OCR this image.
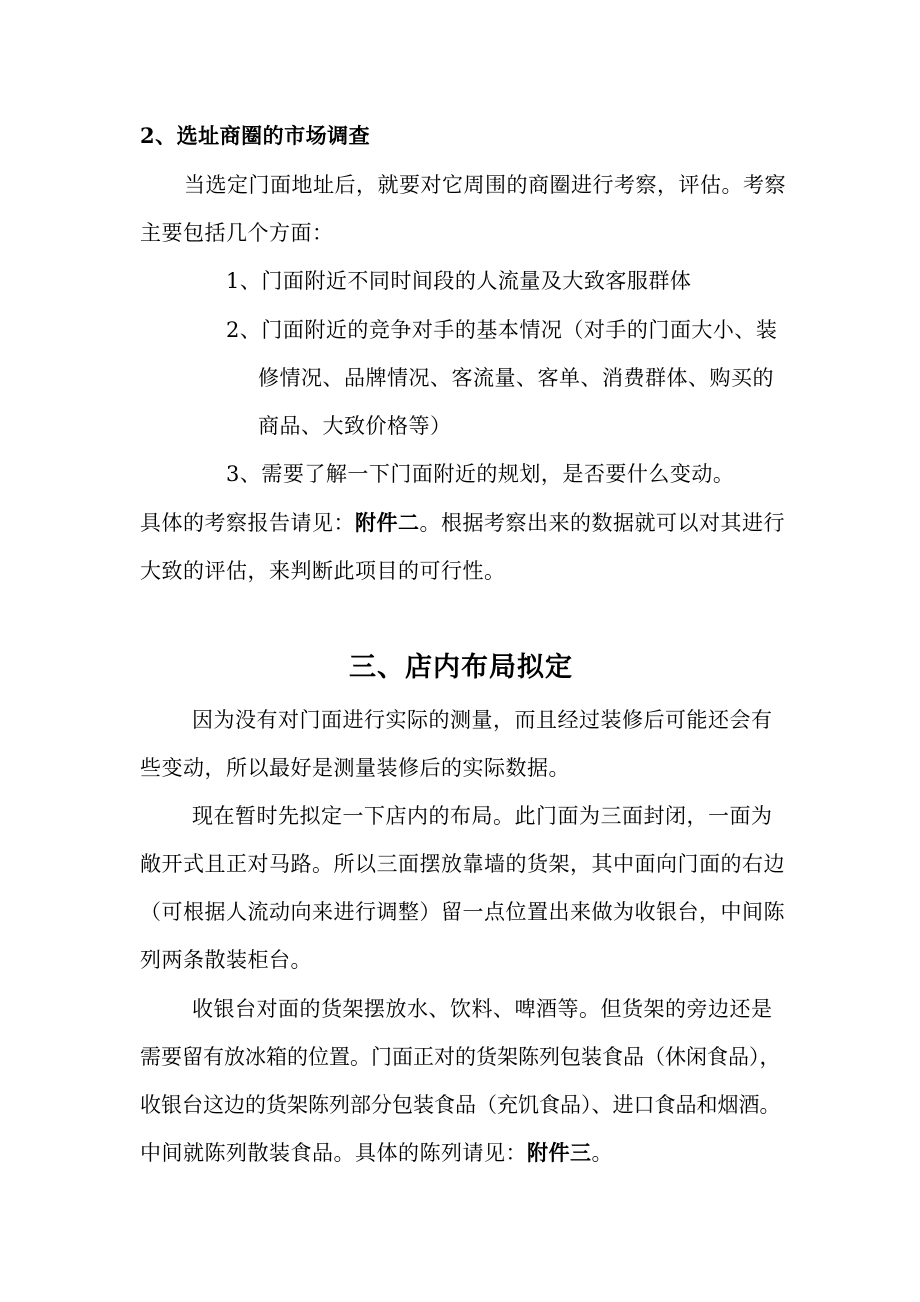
2、选址商圈的市场调查
当选定门面地址后，就要对它周围的商圈进行考察，评估。考察
主要包括几个方面：
1、门面附近不同时间段的人流量及大致客服群体
2、门面附近的竞争对手的基本情况（对手的门面大小、装
修情况、品牌情况、客流量、客单、消费群体、购买的
商品、大致价格等）
3、需要了解一下门面附近的规划，是否要什么变动。
具体的考察报告请见：附件二。根据考察出来的数据就可以对其进行
大致的评估，来判断此项目的可行性。
三、店内布局拟定
因为没有对门面进行实际的测量，而且经过装修后可能还会有
些变动，所以最好是测量装修后的实际数据。
现在暂时先拟定一下店内的布局。此门面为三面封闭，一面为
敞开式且正对马路。所以三面摆放靠墙的货架，其中面向门面的右边
（可根据人流动向来进行调整）留一点位置出来做为收银台，中间陈
列两条散装柜台。
收银台对面的货架摆放水、饮料、啤酒等。但货架的旁边还是
需要留有放冰箱的位置。门面正对的货架陈列包装食品（休闲食品），
收银台这边的货架陈列部分包装食品（充饥食品）、进口食品和烟酒。
中间就陈列散装食品。具体的陈列请见：附件三。
